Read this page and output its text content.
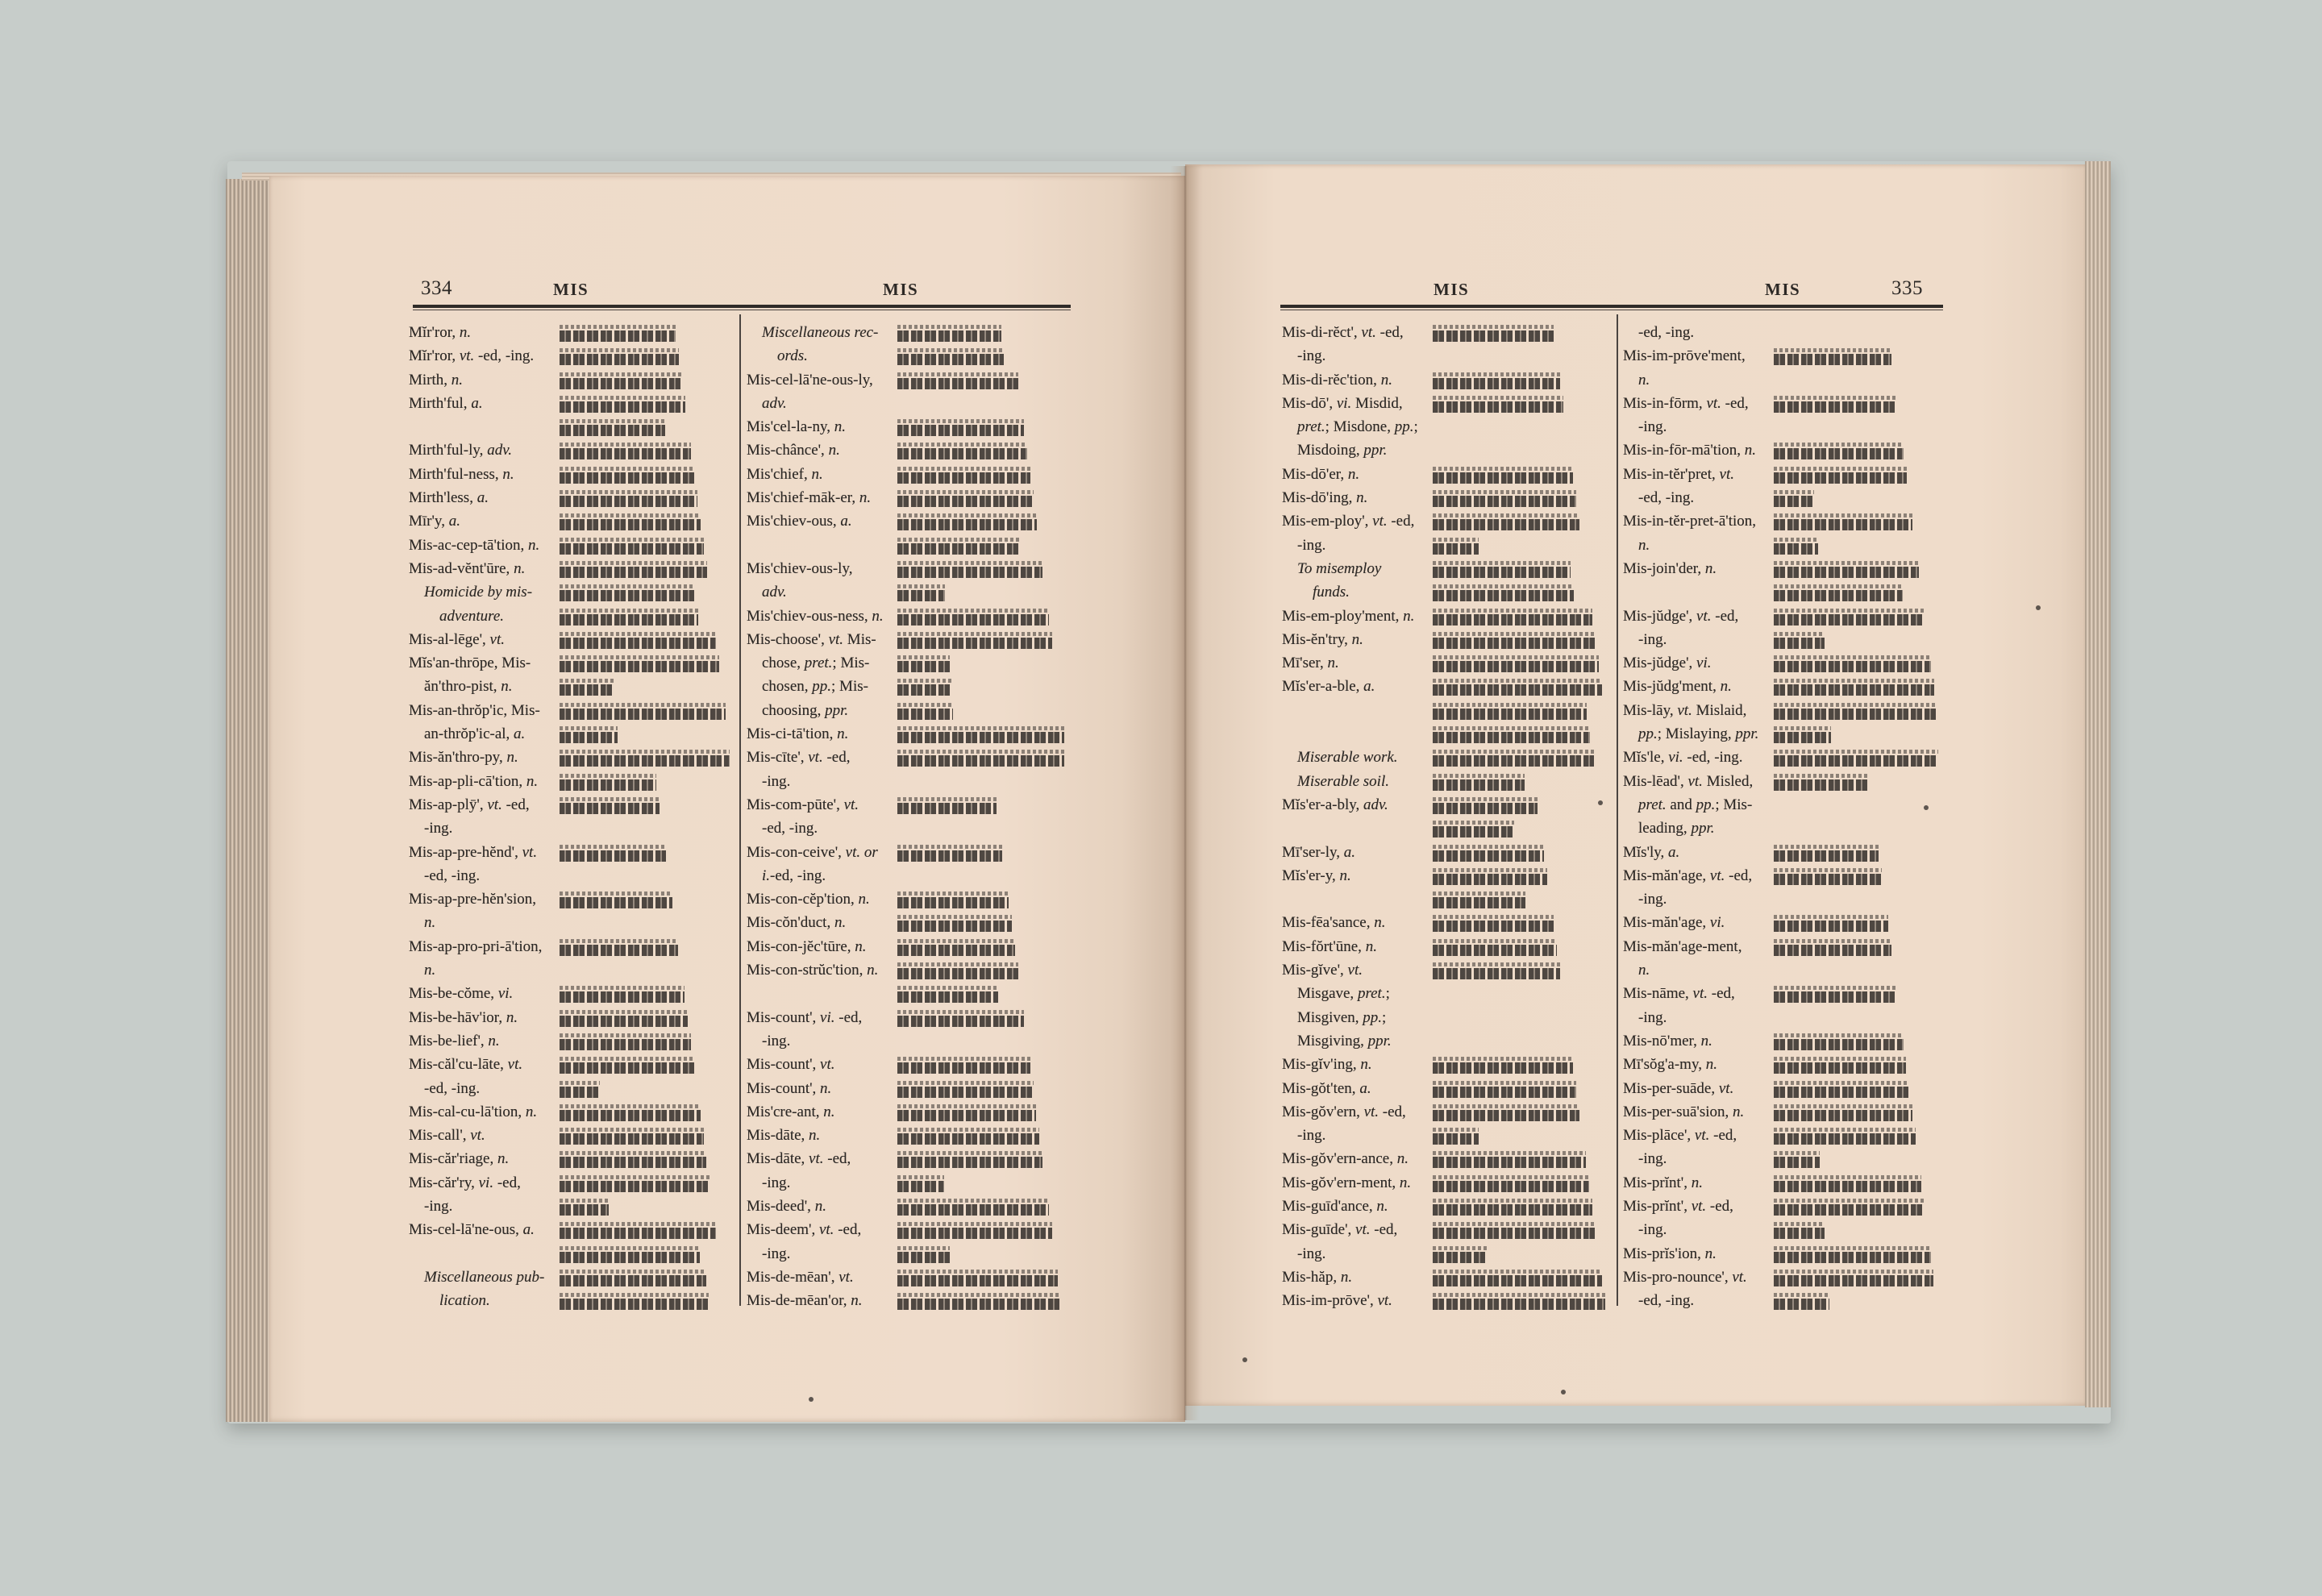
334	MIS	MIS	MIS	MIS	335
Mĭr'ror, n.
Mĭr'ror, vt. -ed, -ing.
Mirth, n.
Mirth'ful, a.
Mirth'ful-ly, adv.
Mirth'ful-ness, n.
Mirth'less, a.
Mīr'y, a.
Mis-ac-cep-tā'tion, n.
Mis-ad-vĕnt'ūre, n.
Homicide by mis-
adventure.
Mis-al-lēge', vt.
Mĭs'an-thrōpe, Mis-
ăn'thro-pist, n.
Mis-an-thrŏp'ic, Mis-
an-thrŏp'ic-al, a.
Mis-ăn'thro-py, n.
Mis-ap-pli-cā'tion, n.
Mis-ap-plȳ', vt. -ed,
-ing.
Mis-ap-pre-hĕnd', vt.
-ed, -ing.
Mis-ap-pre-hĕn'sion,
n.
Mis-ap-pro-pri-ā'tion,
n.
Mis-be-cŏme, vi.
Mis-be-hāv'ior, n.
Mis-be-lief', n.
Mis-căl'cu-lāte, vt.
-ed, -ing.
Mis-cal-cu-lā'tion, n.
Mis-call', vt.
Mis-căr'riage, n.
Mis-căr'ry, vi. -ed,
-ing.
Mis-cel-lā'ne-ous, a.
Miscellaneous pub-
lication.
Miscellaneous rec-
ords.
Mis-cel-lā'ne-ous-ly,
adv.
Mis'cel-la-ny, n.
Mis-chânce', n.
Mis'chief, n.
Mis'chief-māk-er, n.
Mis'chiev-ous, a.
Mis'chiev-ous-ly,
adv.
Mis'chiev-ous-ness, n.
Mis-choose', vt. Mis-
chose, pret.; Mis-
chosen, pp.; Mis-
choosing, ppr.
Mis-ci-tā'tion, n.
Mis-cīte', vt. -ed,
-ing.
Mis-com-pūte', vt.
-ed, -ing.
Mis-con-ceive', vt. or
i.-ed, -ing.
Mis-con-cĕp'tion, n.
Mis-cŏn'duct, n.
Mis-con-jĕc'tūre, n.
Mis-con-strŭc'tion, n.
Mis-count', vi. -ed,
-ing.
Mis-count', vt.
Mis-count', n.
Mis'cre-ant, n.
Mis-dāte, n.
Mis-dāte, vt. -ed,
-ing.
Mis-deed', n.
Mis-deem', vt. -ed,
-ing.
Mis-de-mēan', vt.
Mis-de-mēan'or, n.
Mis-di-rĕct', vt. -ed,
-ing.
Mis-di-rĕc'tion, n.
Mis-dō', vi. Misdid,
pret.; Misdone, pp.;
Misdoing, ppr.
Mis-dō'er, n.
Mis-dō'ing, n.
Mis-em-ploy', vt. -ed,
-ing.
To misemploy
funds.
Mis-em-ploy'ment, n.
Mis-ĕn'try, n.
Mī'ser, n.
Mĭs'er-a-ble, a.
Miserable work.
Miserable soil.
Mĭs'er-a-bly, adv.
Mī'ser-ly, a.
Mĭs'er-y, n.
Mis-fēa'sance, n.
Mis-fŏrt'ūne, n.
Mis-gĭve', vt.
Misgave, pret.;
Misgiven, pp.;
Misgiving, ppr.
Mis-gĭv'ing, n.
Mis-gŏt'ten, a.
Mis-gŏv'ern, vt. -ed,
-ing.
Mis-gŏv'ern-ance, n.
Mis-gŏv'ern-ment, n.
Mis-guīd'ance, n.
Mis-guīde', vt. -ed,
-ing.
Mis-hăp, n.
Mis-im-prōve', vt.
-ed, -ing.
Mis-im-prōve'ment,
n.
Mis-in-fōrm, vt. -ed,
-ing.
Mis-in-fōr-mā'tion, n.
Mis-in-tĕr'pret, vt.
-ed, -ing.
Mis-in-tĕr-pret-ā'tion,
n.
Mis-join'der, n.
Mis-jŭdge', vt. -ed,
-ing.
Mis-jŭdge', vi.
Mis-jŭdg'ment, n.
Mis-lāy, vt. Mislaid,
pp.; Mislaying, ppr.
Mĭs'le, vi. -ed, -ing.
Mis-lēad', vt. Misled,
pret. and pp.; Mis-
leading, ppr.
Mĭs'ly, a.
Mis-măn'age, vt. -ed,
-ing.
Mis-măn'age, vi.
Mis-măn'age-ment,
n.
Mis-nāme, vt. -ed,
-ing.
Mis-nō'mer, n.
Mī'sŏg'a-my, n.
Mis-per-suāde, vt.
Mis-per-suā'sion, n.
Mis-plāce', vt. -ed,
-ing.
Mis-prĭnt', n.
Mis-prĭnt', vt. -ed,
-ing.
Mis-prĭs'ion, n.
Mis-pro-nounce', vt.
-ed, -ing.
